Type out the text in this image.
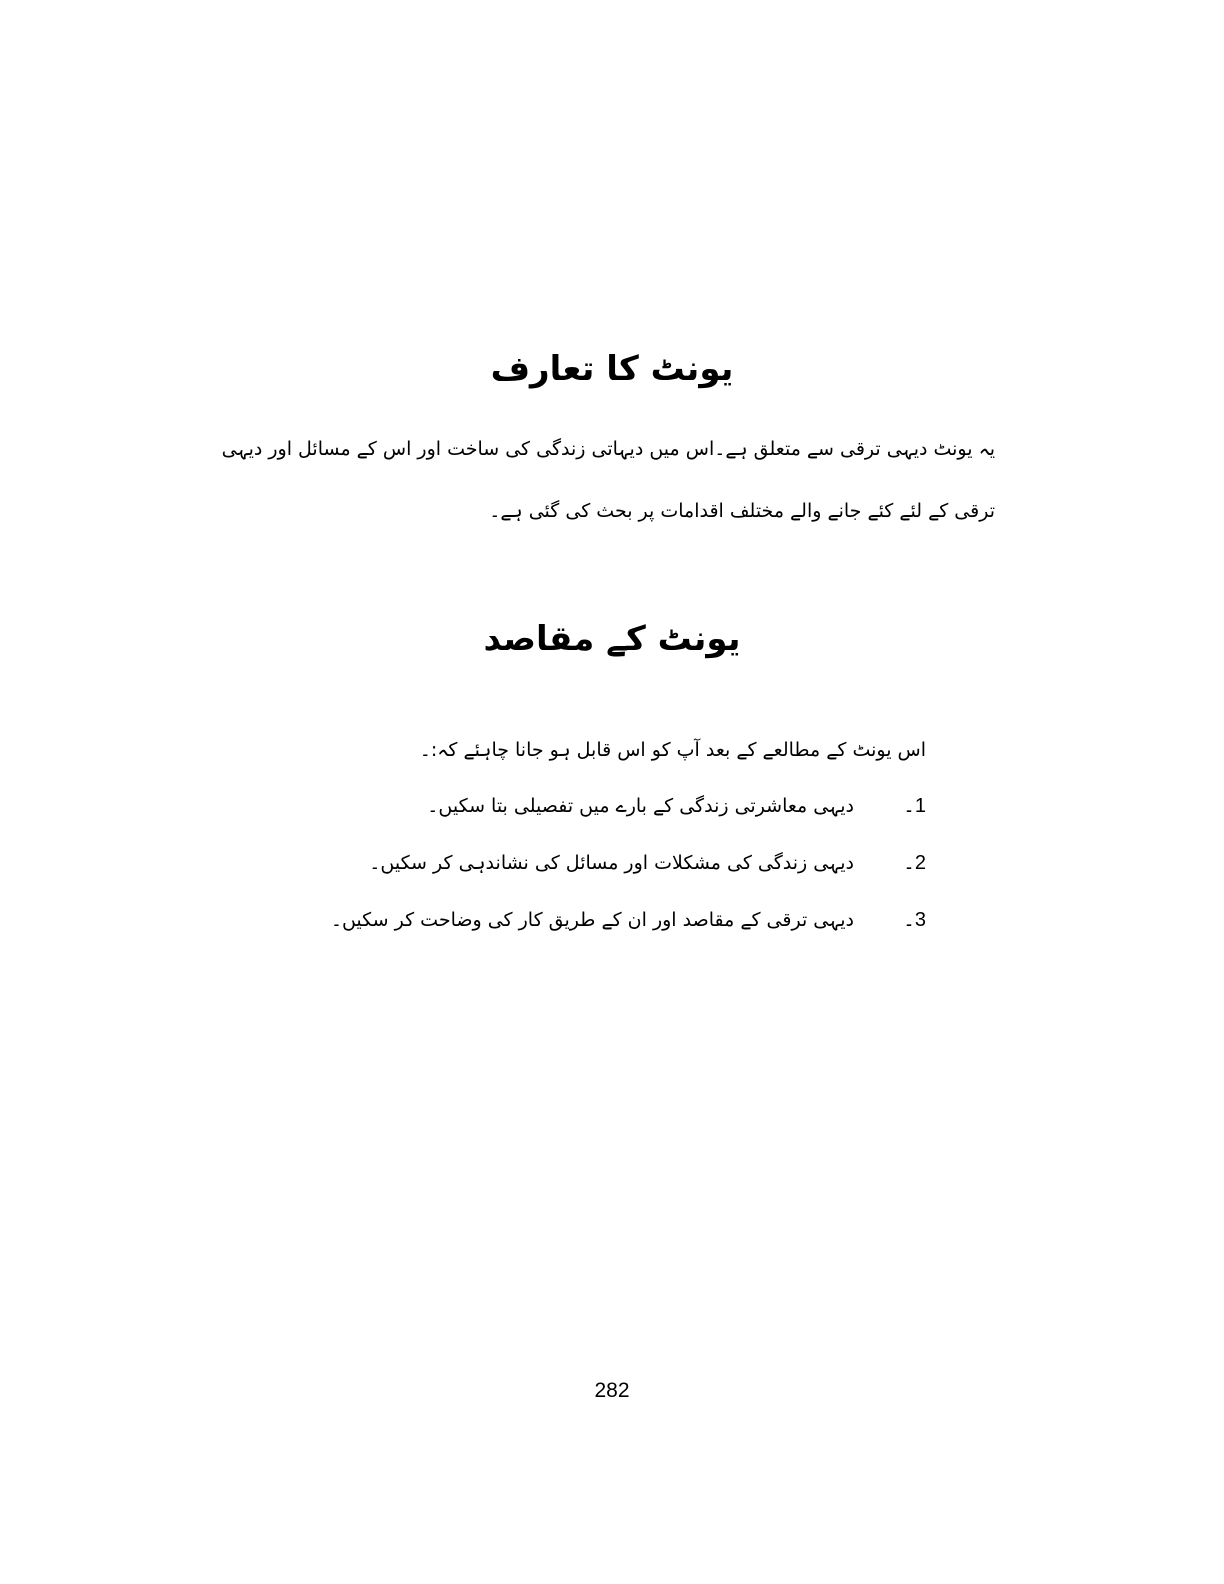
یونٹ کا تعارف

یہ یونٹ دیہی ترقی سے متعلق ہے۔اس میں دیہاتی زندگی کی ساخت اور اس کے مسائل اور دیہی ترقی کے لئے کئے جانے والے مختلف اقدامات پر بحث کی گئی ہے۔

یونٹ کے مقاصد

اس یونٹ کے مطالعے کے بعد آپ کو اس قابل ہو جانا چاہئے کہ:۔

1۔
دیہی معاشرتی زندگی کے بارے میں تفصیلی بتا سکیں۔
2۔
دیہی زندگی کی مشکلات اور مسائل کی نشاندہی کر سکیں۔
3۔
دیہی ترقی کے مقاصد اور ان کے طریق کار کی وضاحت کر سکیں۔

282
